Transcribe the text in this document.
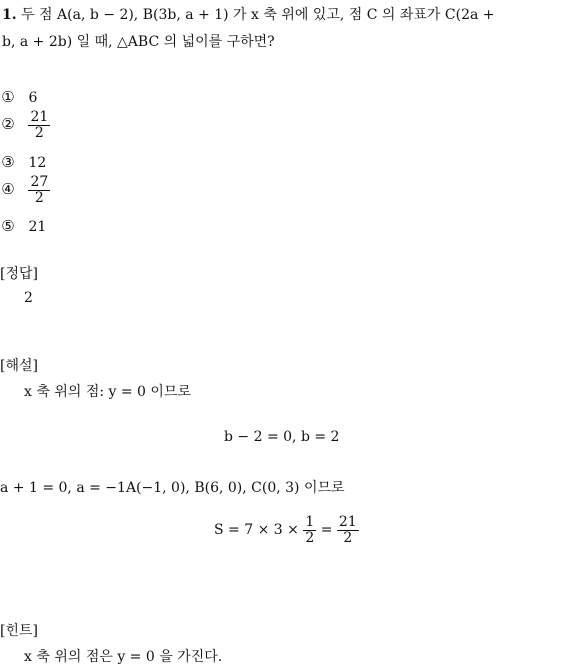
1. 두 점 A(a, b − 2), B(3b, a + 1) 가 x 축 위에 있고, 점 C 의 좌표가 C(2a +
b, a + 2b) 일 때, △ABC 의 넓이를 구하면?
① 6
② $\frac{21}{2}$
③ 12
④ $\frac{27}{2}$
⑤ 21
[정답]
2
[해설]
x 축 위의 점: y = 0 이므로
b − 2 = 0, b = 2
a + 1 = 0, a = −1A(−1, 0), B(6, 0), C(0, 3) 이므로
$S = 7 \times 3 \times \frac{1}{2} = \frac{21}{2}$
[힌트]
x 축 위의 점은 y = 0 을 가진다.
